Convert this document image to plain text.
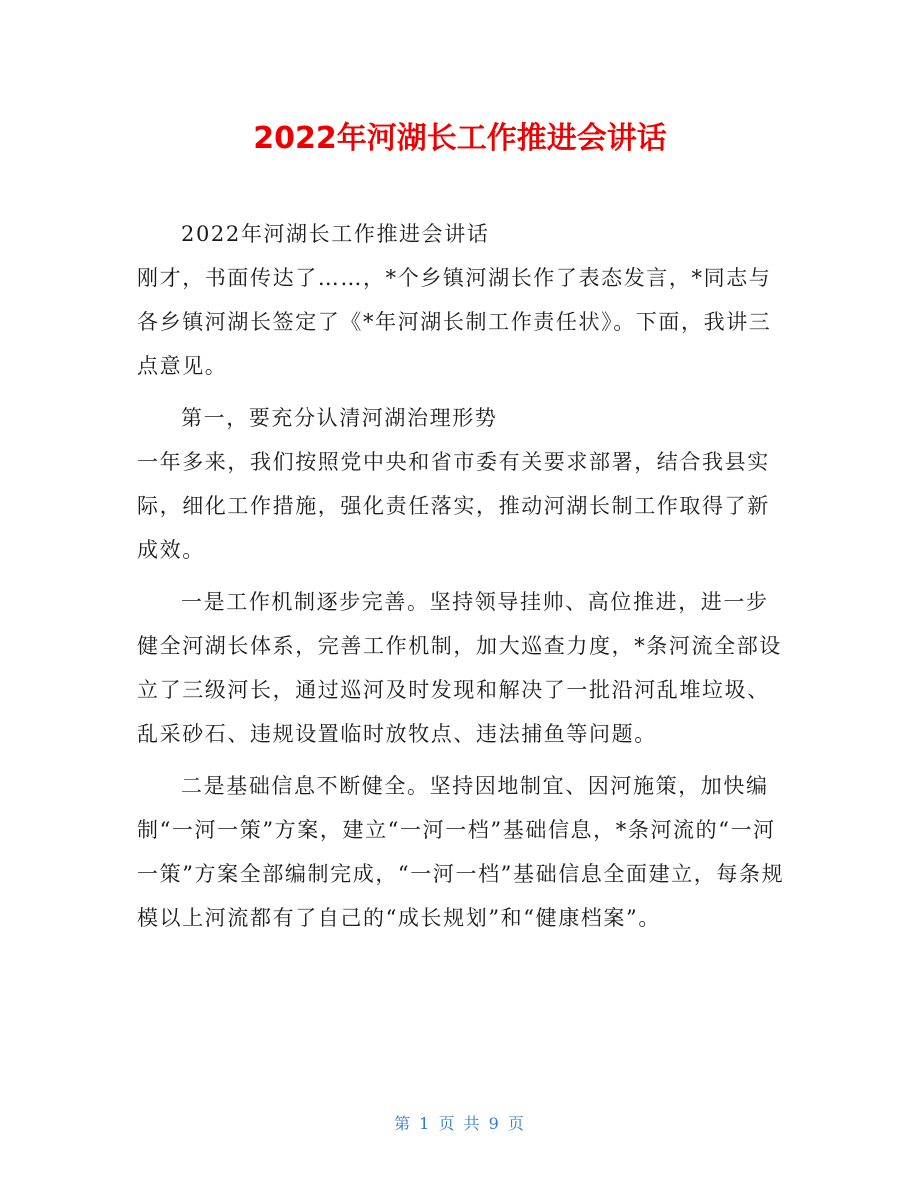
2022年河湖长工作推进会讲话

2022年河湖长工作推进会讲话

刚才，书面传达了……，*个乡镇河湖长作了表态发言，*同志与各乡镇河湖长签定了《*年河湖长制工作责任状》。下面，我讲三点意见。

第一，要充分认清河湖治理形势

一年多来，我们按照党中央和省市委有关要求部署，结合我县实际，细化工作措施，强化责任落实，推动河湖长制工作取得了新成效。

一是工作机制逐步完善。坚持领导挂帅、高位推进，进一步健全河湖长体系，完善工作机制，加大巡查力度，*条河流全部设立了三级河长，通过巡河及时发现和解决了一批沿河乱堆垃圾、乱采砂石、违规设置临时放牧点、违法捕鱼等问题。

二是基础信息不断健全。坚持因地制宜、因河施策，加快编制“一河一策”方案，建立“一河一档”基础信息，*条河流的“一河一策”方案全部编制完成，“一河一档”基础信息全面建立，每条规模以上河流都有了自己的“成长规划”和“健康档案”。

第 1 页 共 9 页
